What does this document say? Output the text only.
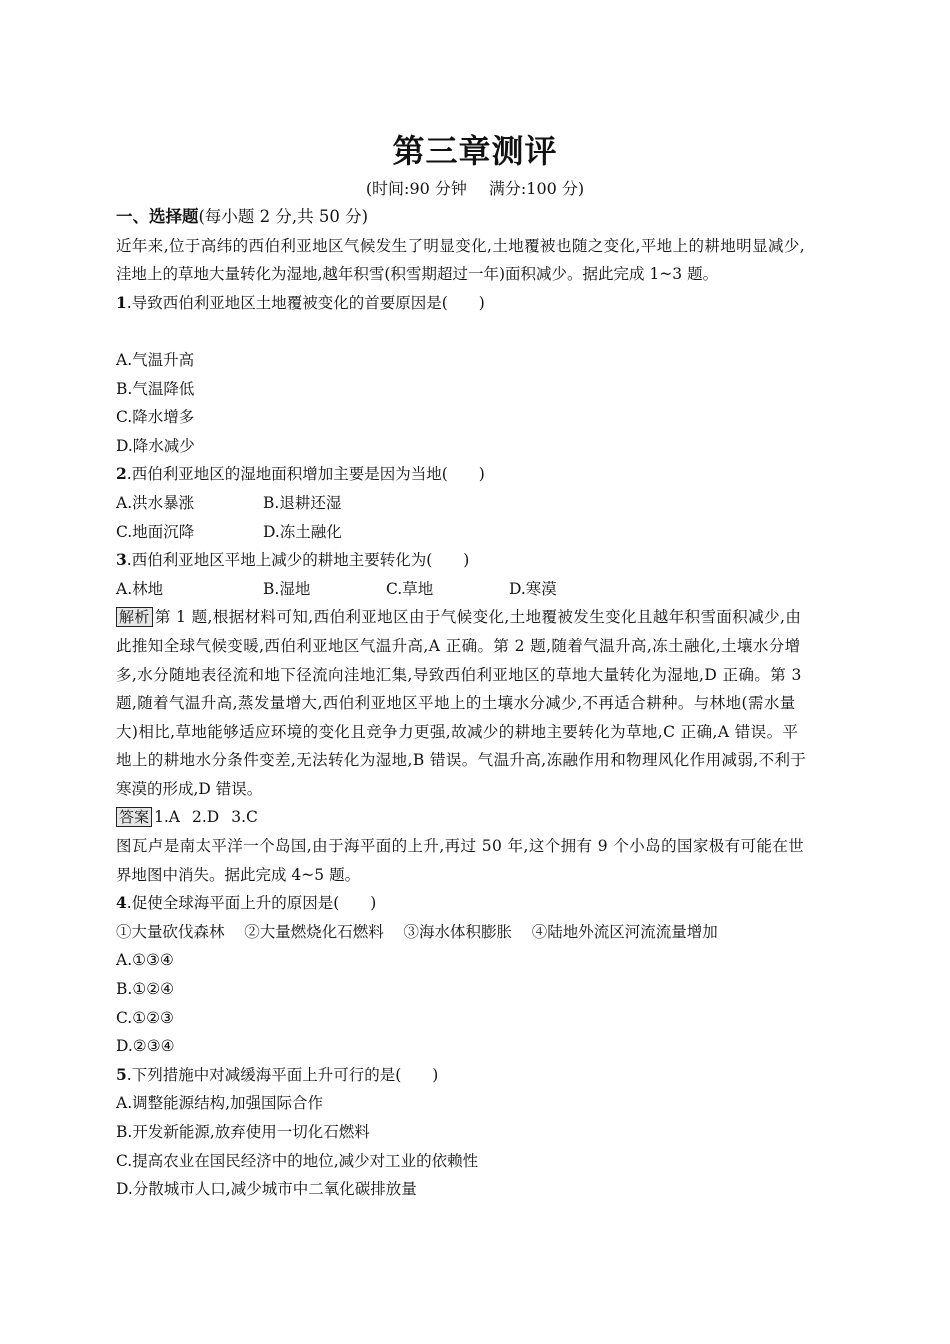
第三章测评
(时间:90 分钟 满分:100 分)
一、选择题(每小题 2 分,共 50 分)
近年来,位于高纬的西伯利亚地区气候发生了明显变化,土地覆被也随之变化,平地上的耕地明显减少,
洼地上的草地大量转化为湿地,越年积雪(积雪期超过一年)面积减少。据此完成 1~3 题。
1.导致西伯利亚地区土地覆被变化的首要原因是(　　)
A.气温升高
B.气温降低
C.降水增多
D.降水减少
2.西伯利亚地区的湿地面积增加主要是因为当地(　　)
A.洪水暴涨	B.退耕还湿
C.地面沉降	D.冻土融化
3.西伯利亚地区平地上减少的耕地主要转化为(　　)
A.林地	B.湿地	C.草地	D.寒漠
解析 第 1 题,根据材料可知,西伯利亚地区由于气候变化,土地覆被发生变化且越年积雪面积减少,由
此推知全球气候变暖,西伯利亚地区气温升高,A 正确。第 2 题,随着气温升高,冻土融化,土壤水分增
多,水分随地表径流和地下径流向洼地汇集,导致西伯利亚地区的草地大量转化为湿地,D 正确。第 3
题,随着气温升高,蒸发量增大,西伯利亚地区平地上的土壤水分减少,不再适合耕种。与林地(需水量
大)相比,草地能够适应环境的变化且竞争力更强,故减少的耕地主要转化为草地,C 正确,A 错误。平
地上的耕地水分条件变差,无法转化为湿地,B 错误。气温升高,冻融作用和物理风化作用减弱,不利于
寒漠的形成,D 错误。
答案 1.A 2.D 3.C
图瓦卢是南太平洋一个岛国,由于海平面的上升,再过 50 年,这个拥有 9 个小岛的国家极有可能在世
界地图中消失。据此完成 4~5 题。
4.促使全球海平面上升的原因是(　　)
①大量砍伐森林 ②大量燃烧化石燃料 ③海水体积膨胀 ④陆地外流区河流流量增加
A.①③④
B.①②④
C.①②③
D.②③④
5.下列措施中对减缓海平面上升可行的是(　　)
A.调整能源结构,加强国际合作
B.开发新能源,放弃使用一切化石燃料
C.提高农业在国民经济中的地位,减少对工业的依赖性
D.分散城市人口,减少城市中二氧化碳排放量
